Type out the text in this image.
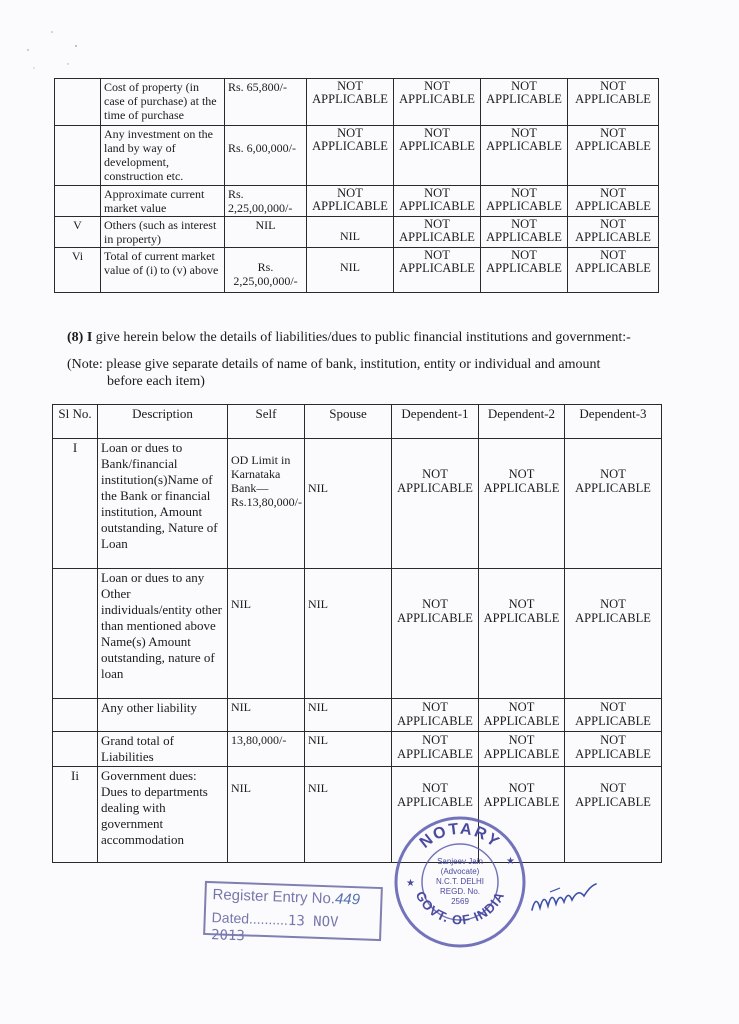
	Cost of property (in case of purchase) at the time of purchase	Rs. 65,800/-	NOT APPLICABLE	NOT APPLICABLE	NOT APPLICABLE	NOT APPLICABLE
	Any investment on the land by way of development, construction etc.	Rs. 6,00,000/-	NOT APPLICABLE	NOT APPLICABLE	NOT APPLICABLE	NOT APPLICABLE
	Approximate current market value	Rs. 2,25,00,000/-	NOT APPLICABLE	NOT APPLICABLE	NOT APPLICABLE	NOT APPLICABLE
V	Others (such as interest in property)	NIL	NIL	NOT APPLICABLE	NOT APPLICABLE	NOT APPLICABLE
Vi	Total of current market value of (i) to (v) above	Rs. 2,25,00,000/-	NIL	NOT APPLICABLE	NOT APPLICABLE	NOT APPLICABLE
(8) I give herein below the details of liabilities/dues to public financial institutions and government:-
(Note: please give separate details of name of bank, institution, entity or individual and amount
before each item)
Sl No.	Description	Self	Spouse	Dependent-1	Dependent-2	Dependent-3
I	Loan or dues to Bank/financial institution(s)Name of the Bank or financial institution, Amount outstanding, Nature of Loan	OD Limit in Karnataka Bank— Rs.13,80,000/-	NIL	NOT APPLICABLE	NOT APPLICABLE	NOT APPLICABLE
	Loan or dues to any Other individuals/entity other than mentioned above Name(s) Amount outstanding, nature of loan	NIL	NIL	NOT APPLICABLE	NOT APPLICABLE	NOT APPLICABLE
	Any other liability	NIL	NIL	NOT APPLICABLE	NOT APPLICABLE	NOT APPLICABLE
	Grand total of Liabilities	13,80,000/-	NIL	NOT APPLICABLE	NOT APPLICABLE	NOT APPLICABLE
Ii	Government dues: Dues to departments dealing with government accommodation	NIL	NIL	NOT APPLICABLE	NOT APPLICABLE	NOT APPLICABLE
Register Entry No.449
Dated..........13 NOV 2013
NOTARY
GOVT. OF INDIA
Sanjeev Jain
(Advocate)
N.C.T. DELHI
REGD. No.
2569
★
★
